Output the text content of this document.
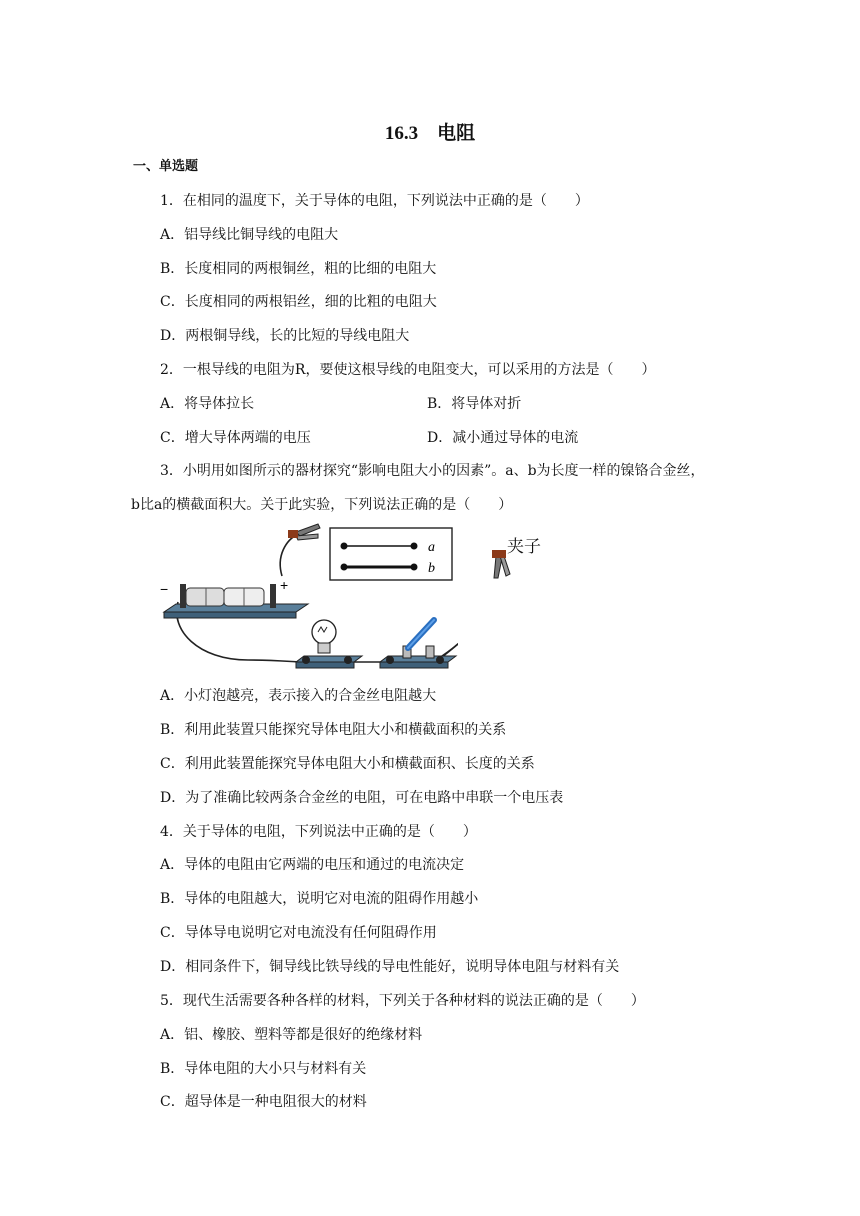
16.3　电阻
一、单选题
1．在相同的温度下，关于导体的电阻，下列说法中正确的是（　　）
A．铝导线比铜导线的电阻大
B．长度相同的两根铜丝，粗的比细的电阻大
C．长度相同的两根铝丝，细的比粗的电阻大
D．两根铜导线，长的比短的导线电阻大
2．一根导线的电阻为R，要使这根导线的电阻变大，可以采用的方法是（　　）
A．将导体拉长	B．将导体对折
C．增大导体两端的电压	D．减小通过导体的电流
3．小明用如图所示的器材探究“影响电阻大小的因素”。a、b为长度一样的镍铬合金丝，
b比a的横截面积大。关于此实验，下列说法正确的是（　　）
−	+
a
b
夹子
A．小灯泡越亮，表示接入的合金丝电阻越大
B．利用此装置只能探究导体电阻大小和横截面积的关系
C．利用此装置能探究导体电阻大小和横截面积、长度的关系
D．为了准确比较两条合金丝的电阻，可在电路中串联一个电压表
4．关于导体的电阻，下列说法中正确的是（　　）
A．导体的电阻由它两端的电压和通过的电流决定
B．导体的电阻越大，说明它对电流的阻碍作用越小
C．导体导电说明它对电流没有任何阻碍作用
D．相同条件下，铜导线比铁导线的导电性能好，说明导体电阻与材料有关
5．现代生活需要各种各样的材料，下列关于各种材料的说法正确的是（　　）
A．铝、橡胶、塑料等都是很好的绝缘材料
B．导体电阻的大小只与材料有关
C．超导体是一种电阻很大的材料
